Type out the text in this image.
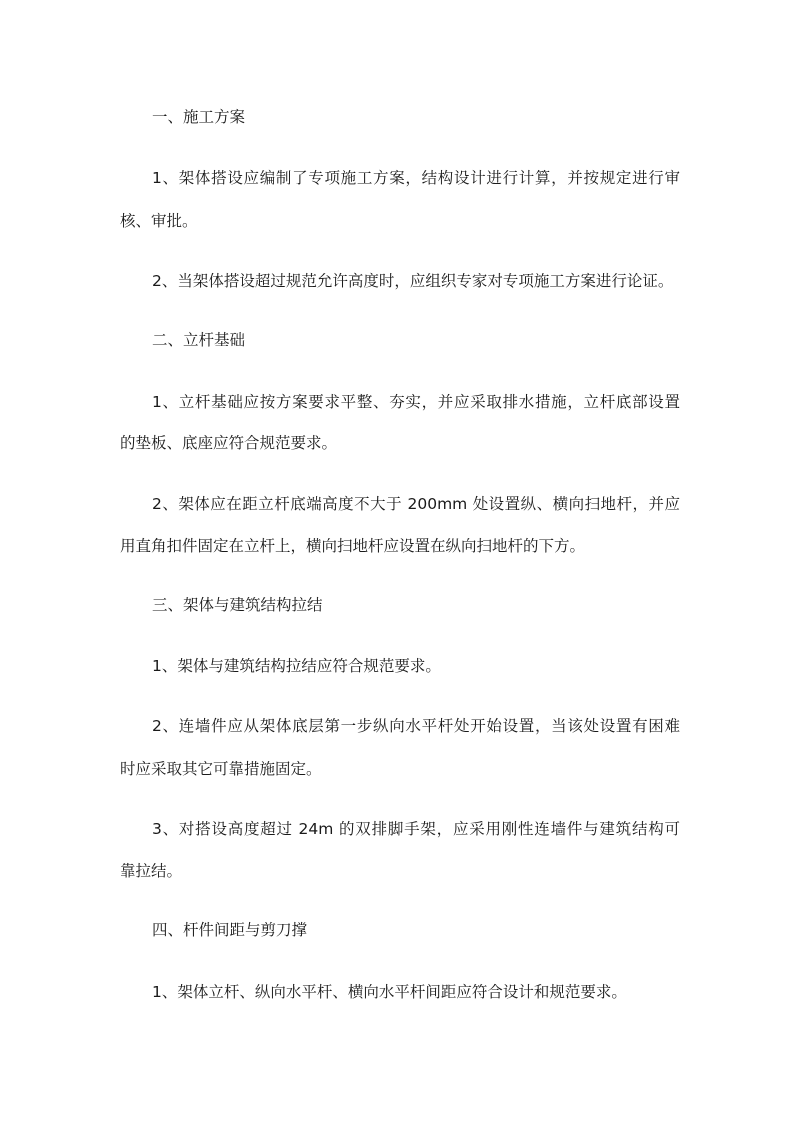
一、施工方案
1、架体搭设应编制了专项施工方案，结构设计进行计算，并按规定进行审
核、审批。
2、当架体搭设超过规范允许高度时，应组织专家对专项施工方案进行论证。
二、立杆基础
1、立杆基础应按方案要求平整、夯实，并应采取排水措施，立杆底部设置
的垫板、底座应符合规范要求。
2、架体应在距立杆底端高度不大于 200mm 处设置纵、横向扫地杆，并应
用直角扣件固定在立杆上，横向扫地杆应设置在纵向扫地杆的下方。
三、架体与建筑结构拉结
1、架体与建筑结构拉结应符合规范要求。
2、连墙件应从架体底层第一步纵向水平杆处开始设置，当该处设置有困难
时应采取其它可靠措施固定。
3、对搭设高度超过 24m 的双排脚手架，应采用刚性连墙件与建筑结构可
靠拉结。
四、杆件间距与剪刀撑
1、架体立杆、纵向水平杆、横向水平杆间距应符合设计和规范要求。
